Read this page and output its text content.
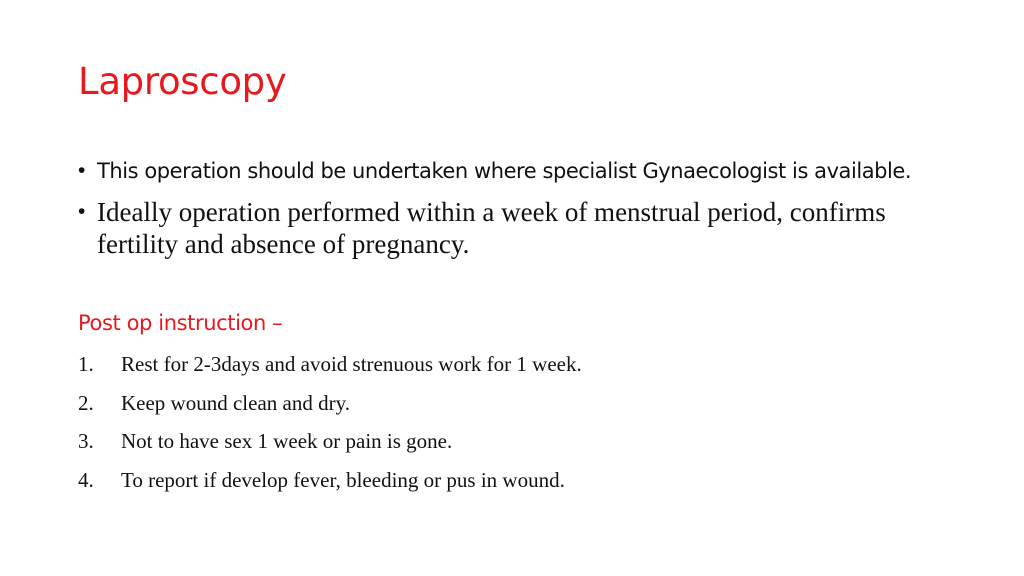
Laproscopy
• This operation should be undertaken where specialist Gynaecologist is available.
• Ideally operation performed within a week of menstrual period, confirms fertility and absence of pregnancy.

Post op instruction –

1.	Rest for 2-3days and avoid strenuous work for 1 week.
2.	Keep wound clean and dry.
3.	Not to have sex 1 week or pain is gone.
4.	To report if develop fever, bleeding or pus in wound.
